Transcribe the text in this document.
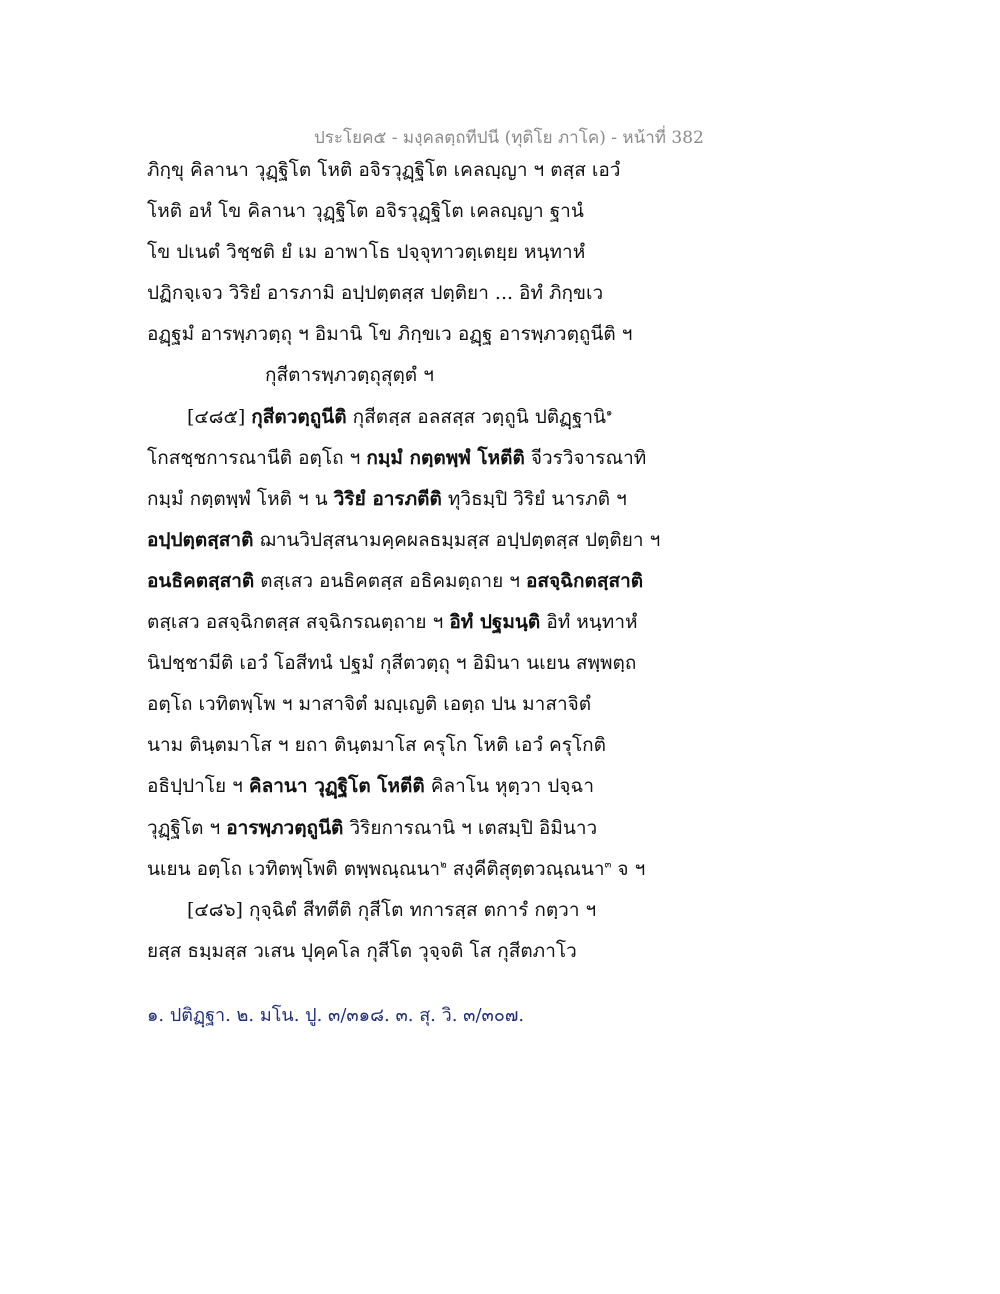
ประโยค๕ - มงฺคลตฺถทีปนี (ทุติโย ภาโค) - หน้าที่ 382
ภิกฺขุ คิลานา วุฏฺฐิโต โหติ อจิรวุฏฺฐิโต เคลญฺญา ฯ ตสฺส เอวํ
โหติ อหํ โข คิลานา วุฏฺฐิโต อจิรวุฏฺฐิโต เคลญฺญา ฐานํ
โข ปเนตํ วิชฺชติ ยํ เม อาพาโธ ปจฺจุทาวตฺเตยฺย หนฺทาหํ
ปฏิกจฺเจว วิริยํ อารภามิ อปฺปตฺตสฺส ปตฺติยา ... อิทํ ภิกฺขเว
อฏฺฐมํ อารพฺภวตฺถุ ฯ อิมานิ โข ภิกฺขเว อฏฺฐ อารพฺภวตฺถูนีติ ฯ
กุสีตารพฺภวตฺถุสุตฺตํ ฯ
[๔๘๕] กุสีตวตฺถูนีติ กุสีตสฺส อลสสฺส วตฺถูนิ ปติฏฺฐานิ$^๑$
โกสชฺชการณานีติ อตฺโถ ฯ กมฺมํ กตฺตพฺพํ โหตีติ จีวรวิจารณาทิ
กมฺมํ กตฺตพฺพํ โหติ ฯ น วิริยํ อารภตีติ ทุวิธมฺปิ วิริยํ นารภติ ฯ
อปฺปตฺตสฺสาติ ฌานวิปสฺสนามคฺคผลธมฺมสฺส อปฺปตฺตสฺส ปตฺติยา ฯ
อนธิคตสฺสาติ ตสฺเสว อนธิคตสฺส อธิคมตฺถาย ฯ อสจฺฉิกตสฺสาติ
ตสฺเสว อสจฺฉิกตสฺส สจฺฉิกรณตฺถาย ฯ อิทํ ปฐมนฺติ อิทํ หนฺทาหํ
นิปชฺชามีติ เอวํ โอสีทนํ ปฐมํ กุสีตวตฺถุ ฯ อิมินา นเยน สพฺพตฺถ
อตฺโถ เวทิตพฺโพ ฯ มาสาจิตํ มญฺเญติ เอตฺถ ปน มาสาจิตํ
นาม ตินฺตมาโส ฯ ยถา ตินฺตมาโส ครุโก โหติ เอวํ ครุโกติ
อธิปฺปาโย ฯ คิลานา วุฏฺฐิโต โหตีติ คิลาโน หุตฺวา ปจฺฉา
วุฏฺฐิโต ฯ อารพฺภวตฺถูนีติ วิริยการณานิ ฯ เตสมฺปิ อิมินาว
นเยน อตฺโถ เวทิตพฺโพติ ตพฺพณฺณนา$^๒$ สงฺคีติสุตฺตวณฺณนา$^๓$ จ ฯ
[๔๘๖] กุจฺฉิตํ สีทตีติ กุสีโต ทการสฺส ตการํ กตฺวา ฯ
ยสฺส ธมฺมสฺส วเสน ปุคฺคโล กุสีโต วุจฺจติ โส กุสีตภาโว
๑. ปติฏฺฐา. ๒. มโน. ปู. ๓/๓๑๘. ๓. สุ. วิ. ๓/๓๐๗.
